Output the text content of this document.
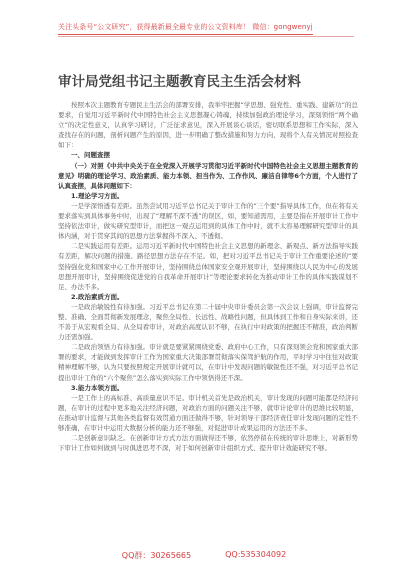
关注头条号“公文研究”，获得最新最全最专业的公文资料库！ 微信：gongwenyj
审计局党组书记主题教育民主生活会材料

按照本次主题教育专题民主生活会的部署安排，我举牢把握“学思想、强党性、重实践、建新功”的总要求，自觉用习近平新时代中国特色社会主义思想凝心铸魂，持续加强政治理论学习，深刻领悟“两个确立”的决定性意义，认真学习研讨，广泛征求意见，深入开展谈心谈话，密切联系思想和工作实际，深入查找存在的问题，剖析问题产生的原因，进一步明确了整改措施和努力方向，现将个人有关情况对照检查如下：

一、问题查摆

（一）对照《中共中央关于在全党深入开展学习贯彻习近平新时代中国特色社会主义思想主题教育的意见》明确的理论学习、政治素质、能力本领、担当作为、工作作风、廉洁自律等6个方面，个人进行了认真查摆，具体问题如下：

1.理论学习方面。

一是学深悟透有差距。虽然尝试用习近平总书记关于审计工作的“三个要”指导具体工作，但在将有关要求落实到具体事务中时，出现了“理解不深不透”的误区，如，要知道需用，主要是指在开展审计工作中坚持依法审计，做实研究型审计，而把这一观点运用到的具体工作中时，就不太容易理解研究型审计的具体内涵，对于贯穿其间的思想方法掌握得不深入、不透彻。

二是实践运用有差距。运用习近平新时代中国特色社会主义思想的新理念、新观点、新方法指导实践有差距，解决问题的措施、路径思想方法存在不足。如，把对习近平总书记关于审计工作重要论述的“要坚持强化党和国家中心工作开展审计，坚持围绕总体国家安全观开展审计，坚持围绕以人民为中心的发展思想开展审计，坚持围绕促进党的自我革命开展审计”等理论要求转化为推动审计工作的具体实践谋划不足、办法不多。

2.政治素质方面。

一是政治敏锐性有待加强。习近平总书记在第二十届中央审计委员会第一次会议上强调，审计监督完整、准确、全面贯彻新发展理念，聚焦全局性、长远性、战略性问题，但具体到工作和自身实际来讲，还不善于从宏观看全局、从全局看审计，对政治高度认识不够，在执行中对政策的把握还不精准，政治判断力还需加强。

二是政治领悟力有待加强。审计就是要紧紧围绕党委、政府中心工作，只有深刻领会党和国家重大部署的要求，才能做到发挥审计工作为国家重大决策部署贯彻落实保驾护航的作用，平时学习中往往对政策精神理解不够，认为只要按照规定开展审计就可以，在审计中发现问题的敏锐性还不强，对习近平总书记提出审计工作的“六个聚焦”怎么落实到实际工作中领悟得还不深。

3.能力本领方面。

一是工作上的高标准、高质量意识不足。审计机关首先是政治机关，审计发现的问题可能都是经济问题，在审计的过程中更多地关注经济问题，对政治方面的问题关注不够，就审计论审计的思维比较明显，在推动审计监督与其他各类监督有效贯通方面还做得不够，针对领导干部经济责任审计发现问题的定性不够准确，在审计中运用大数据分析的能力还不够强，对促进审计成果运用的方法还不多。

二是创新意识缺乏。在创新审计方式方法方面做得还不够，依然停留在传统的审计思维上，对新形势下审计工作如何做到与时俱进思考不深，对于如何创新审计组织方式、提升审计效能研究不够。

QQ群：30265665	QQ:535304092
